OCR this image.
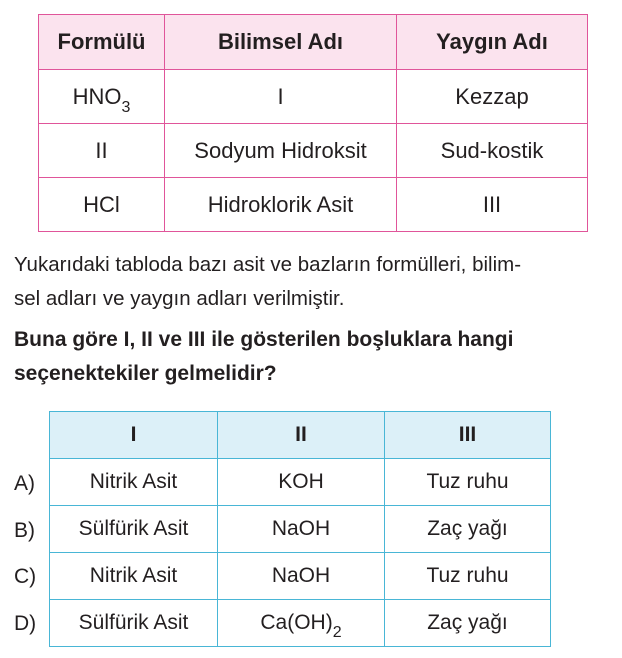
Formülü	Bilimsel Adı	Yaygın Adı
$HNO_3$	I	Kezzap
II	Sodyum Hidroksit	Sud-kostik
HCl	Hidroklorik Asit	III

Yukarıdaki tabloda bazı asit ve bazların formülleri, bilim-
sel adları ve yaygın adları verilmiştir.

Buna göre I, II ve III ile gösterilen boşluklara hangi
seçenektekiler gelmelidir?

I	II	III
Nitrik Asit	KOH	Tuz ruhu
Sülfürik Asit	NaOH	Zaç yağı
Nitrik Asit	NaOH	Tuz ruhu
Sülfürik Asit	$Ca(OH)_2$	Zaç yağı
A)
B)
C)
D)
